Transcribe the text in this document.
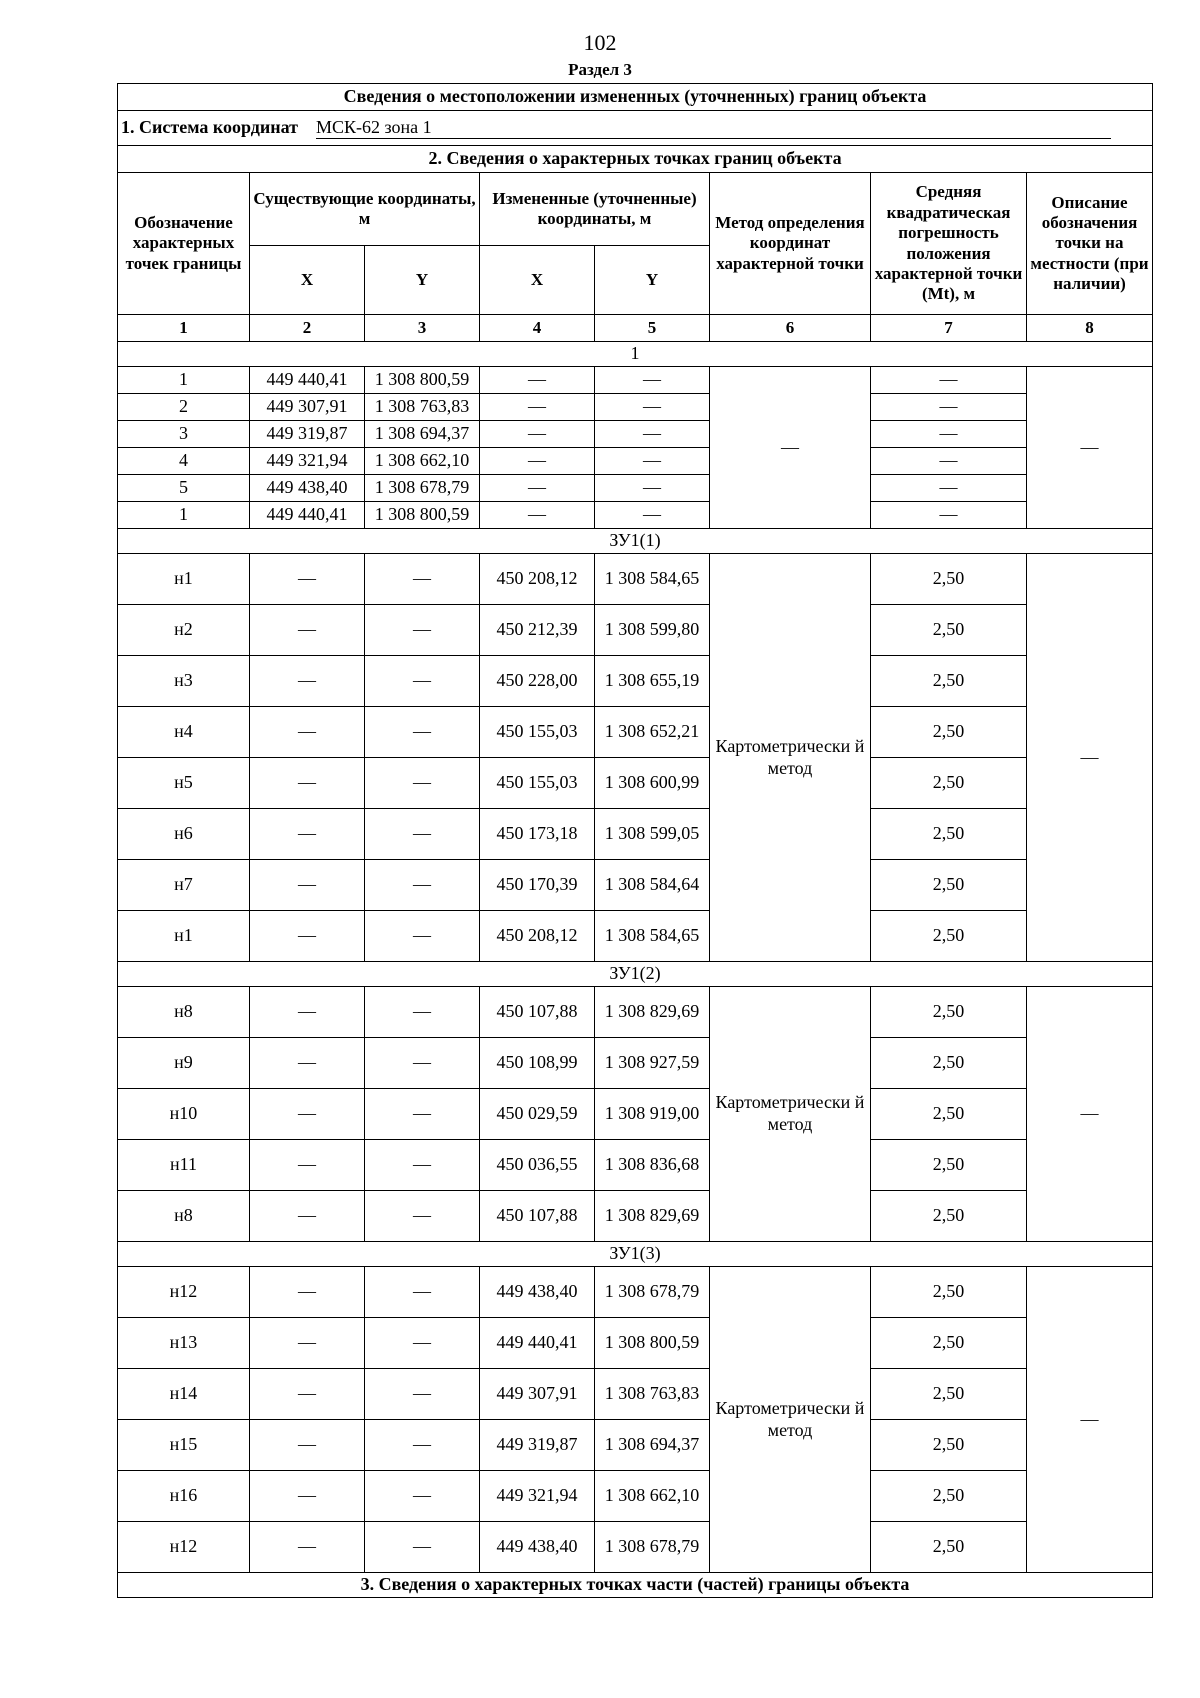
102
Раздел 3
Сведения о местоположении измененных (уточненных) границ объекта							
1. Система координат МСК-62 зона 1							
2. Сведения о характерных точках границ объекта							
Обозначение характерных точек границы	Существующие координаты, м		Измененные (уточненные) координаты, м		Метод определения координат характерной точки	Средняя квадратическая погрешность положения характерной точки (Mt), м	Описание обозначения точки на местности (при наличии)
	X	Y	X	Y			
1	2	3	4	5	6	7	8
1							
1	449 440,41	1 308 800,59	—	—	—	—	—
2	449 307,91	1 308 763,83	—	—		—	
3	449 319,87	1 308 694,37	—	—		—	
4	449 321,94	1 308 662,10	—	—		—	
5	449 438,40	1 308 678,79	—	—		—	
1	449 440,41	1 308 800,59	—	—		—	
ЗУ1(1)							
н1	—	—	450 208,12	1 308 584,65	Картометрически й метод	2,50	—
н2	—	—	450 212,39	1 308 599,80		2,50	
н3	—	—	450 228,00	1 308 655,19		2,50	
н4	—	—	450 155,03	1 308 652,21		2,50	
н5	—	—	450 155,03	1 308 600,99		2,50	
н6	—	—	450 173,18	1 308 599,05		2,50	
н7	—	—	450 170,39	1 308 584,64		2,50	
н1	—	—	450 208,12	1 308 584,65		2,50	
ЗУ1(2)							
н8	—	—	450 107,88	1 308 829,69	Картометрически й метод	2,50	—
н9	—	—	450 108,99	1 308 927,59		2,50	
н10	—	—	450 029,59	1 308 919,00		2,50	
н11	—	—	450 036,55	1 308 836,68		2,50	
н8	—	—	450 107,88	1 308 829,69		2,50	
ЗУ1(3)							
н12	—	—	449 438,40	1 308 678,79	Картометрически й метод	2,50	—
н13	—	—	449 440,41	1 308 800,59		2,50	
н14	—	—	449 307,91	1 308 763,83		2,50	
н15	—	—	449 319,87	1 308 694,37		2,50	
н16	—	—	449 321,94	1 308 662,10		2,50	
н12	—	—	449 438,40	1 308 678,79		2,50	
3. Сведения о характерных точках части (частей) границы объекта							
